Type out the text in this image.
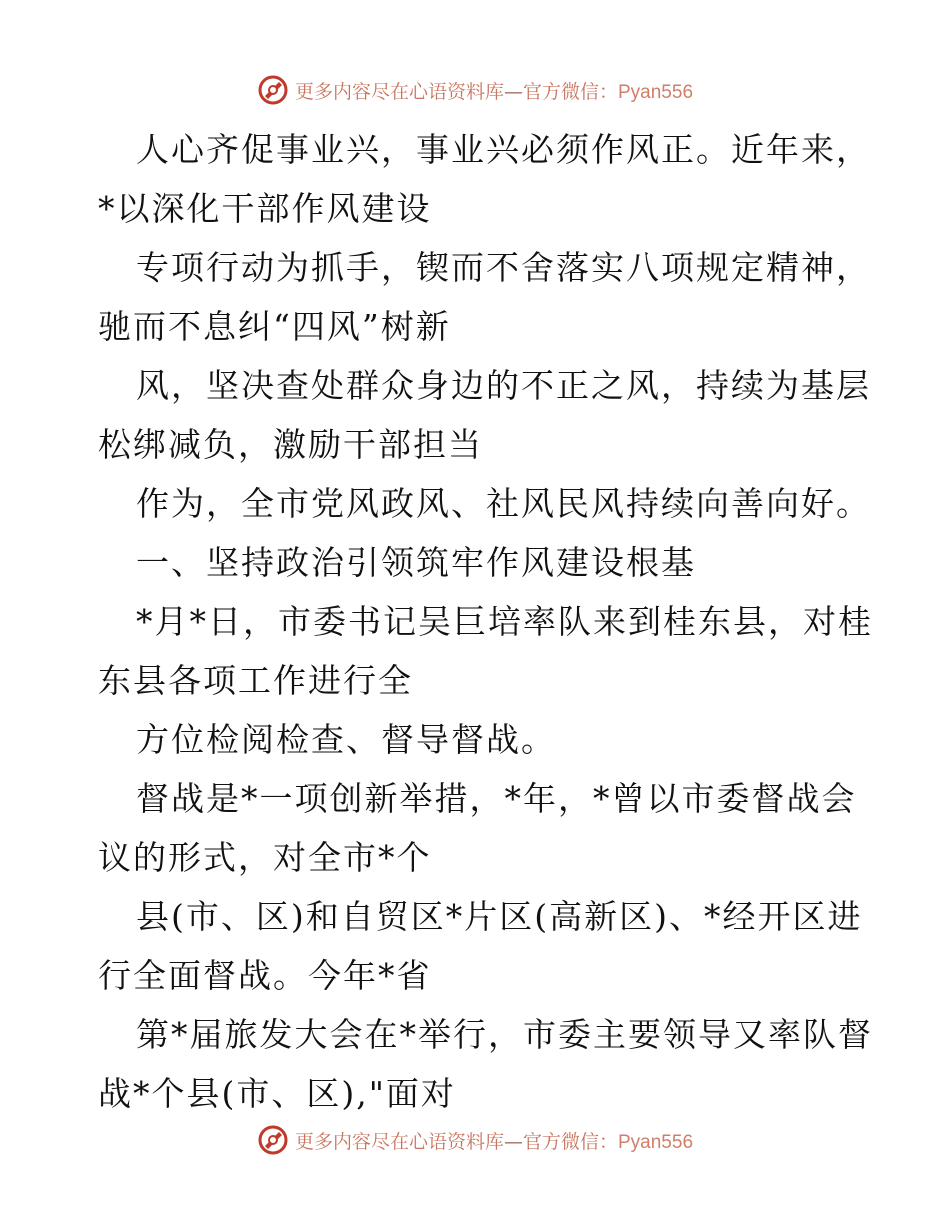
更多内容尽在心语资料库—官方微信：Pyan556
人心齐促事业兴，事业兴必须作风正。近年来，
*以深化干部作风建设
专项行动为抓手，锲而不舍落实八项规定精神，
驰而不息纠“四风”树新
风，坚决查处群众身边的不正之风，持续为基层
松绑减负，激励干部担当
作为，全市党风政风、社风民风持续向善向好。
一、坚持政治引领筑牢作风建设根基
*月*日，市委书记吴巨培率队来到桂东县，对桂
东县各项工作进行全
方位检阅检查、督导督战。
督战是*一项创新举措，*年，*曾以市委督战会
议的形式，对全市*个
县(市、区)和自贸区*片区(高新区)、*经开区进
行全面督战。今年*省
第*届旅发大会在*举行，市委主要领导又率队督
战*个县(市、区),"面对
更多内容尽在心语资料库—官方微信：Pyan556
